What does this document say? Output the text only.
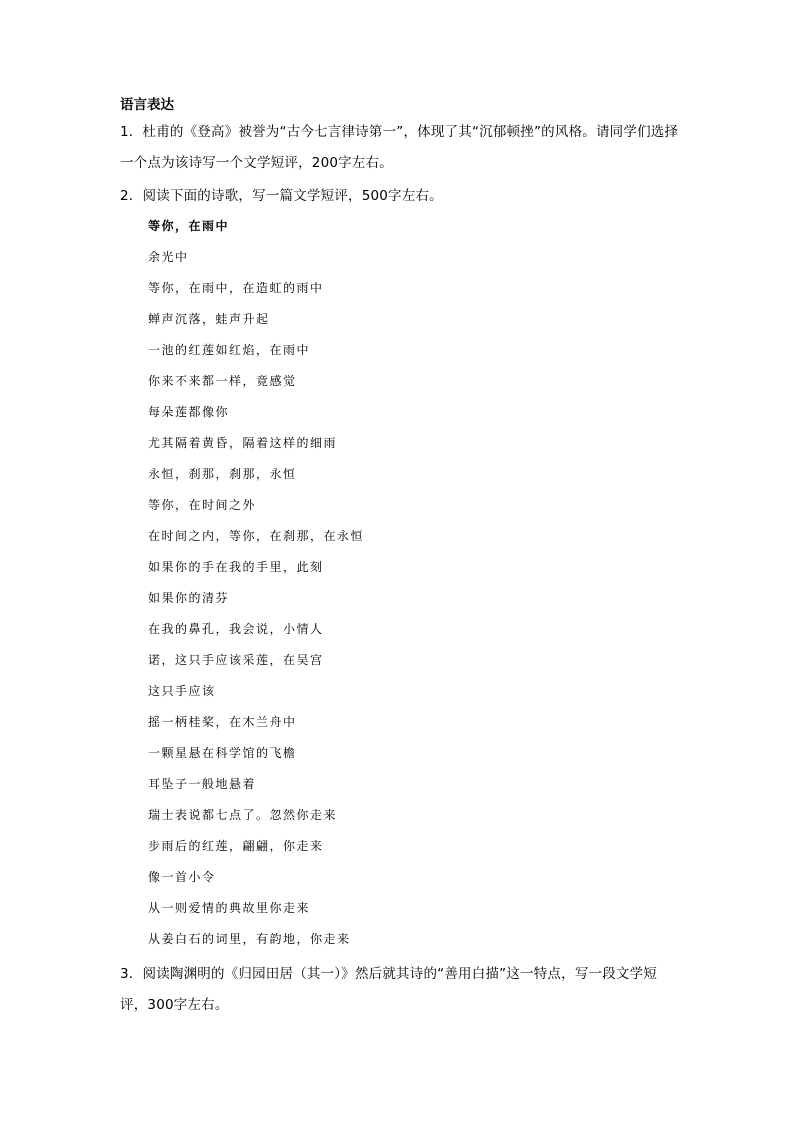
语言表达
1．杜甫的《登高》被誉为“古今七言律诗第一”，体现了其“沉郁顿挫”的风格。请同学们选择一个点为该诗写一个文学短评，200字左右。
2．阅读下面的诗歌，写一篇文学短评，500字左右。
等你，在雨中
余光中
等你，在雨中，在造虹的雨中
蝉声沉落，蛙声升起
一池的红莲如红焰，在雨中
你来不来都一样，竟感觉
每朵莲都像你
尤其隔着黄昏，隔着这样的细雨
永恒，刹那，刹那，永恒
等你，在时间之外
在时间之内，等你，在刹那，在永恒
如果你的手在我的手里，此刻
如果你的清芬
在我的鼻孔，我会说，小情人
诺，这只手应该采莲，在吴宫
这只手应该
摇一柄桂桨，在木兰舟中
一颗星悬在科学馆的飞檐
耳坠子一般地悬着
瑞士表说都七点了。忽然你走来
步雨后的红莲，翩翩，你走来
像一首小令
从一则爱情的典故里你走来
从姜白石的词里，有韵地，你走来
3．阅读陶渊明的《归园田居（其一）》然后就其诗的“善用白描”这一特点，写一段文学短评，300字左右。
